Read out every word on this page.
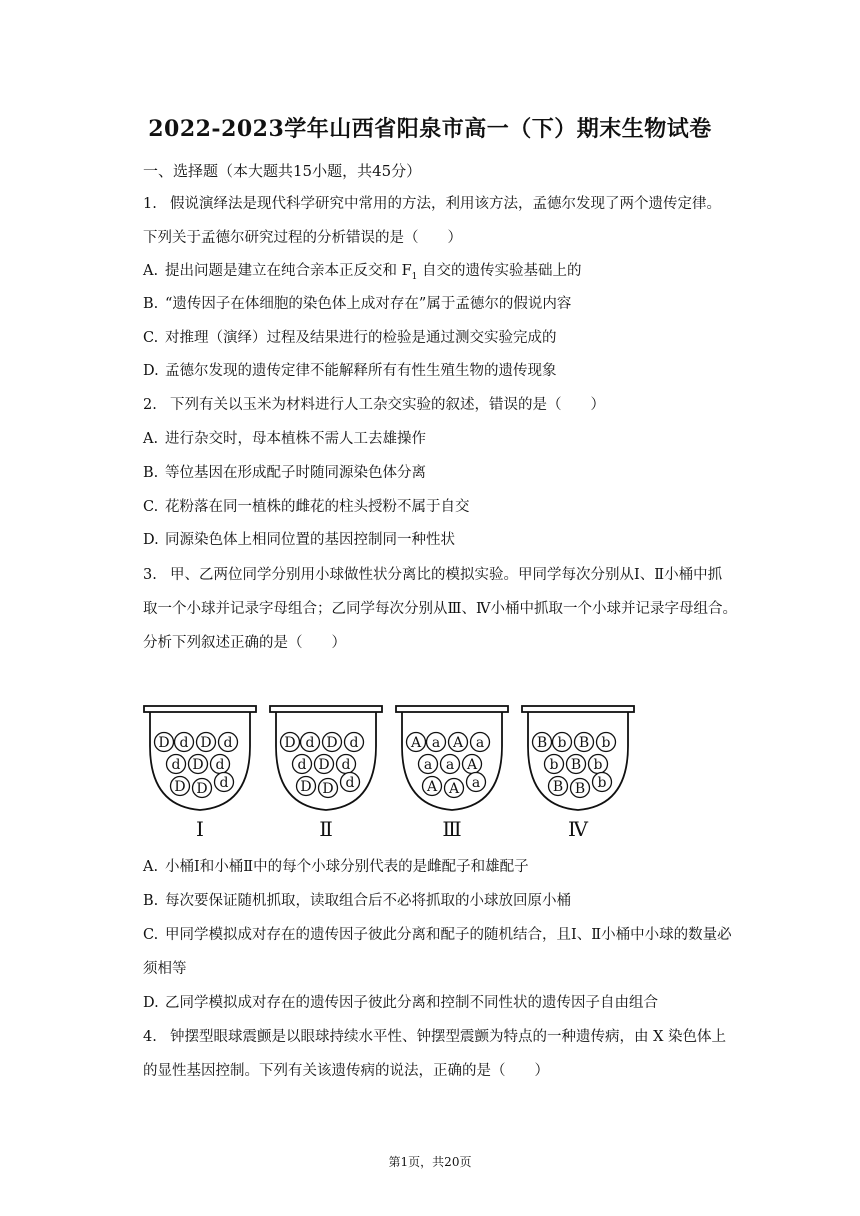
2022-2023学年山西省阳泉市高一（下）期末生物试卷
一、选择题（本大题共15小题，共45分）
1. 假说演绎法是现代科学研究中常用的方法，利用该方法，孟德尔发现了两个遗传定律。
下列关于孟德尔研究过程的分析错误的是（　　）
A. 提出问题是建立在纯合亲本正反交和 $F_1$ 自交的遗传实验基础上的
B. “遗传因子在体细胞的染色体上成对存在”属于孟德尔的假说内容
C. 对推理（演绎）过程及结果进行的检验是通过测交实验完成的
D. 孟德尔发现的遗传定律不能解释所有有性生殖生物的遗传现象
2. 下列有关以玉米为材料进行人工杂交实验的叙述，错误的是（　　）
A. 进行杂交时，母本植株不需人工去雄操作
B. 等位基因在形成配子时随同源染色体分离
C. 花粉落在同一植株的雌花的柱头授粉不属于自交
D. 同源染色体上相同位置的基因控制同一种性状
3. 甲、乙两位同学分别用小球做性状分离比的模拟实验。甲同学每次分别从Ⅰ、Ⅱ小桶中抓
取一个小球并记录字母组合；乙同学每次分别从Ⅲ、Ⅳ小桶中抓取一个小球并记录字母组合。
分析下列叙述正确的是（　　）
D d D d
d D d
D D d
Ⅰ
D d D d
d D d
D D d
Ⅱ
A a A a
a a A
A A a
Ⅲ
B b B b
b B b
B B b
Ⅳ
A. 小桶Ⅰ和小桶Ⅱ中的每个小球分别代表的是雌配子和雄配子
B. 每次要保证随机抓取，读取组合后不必将抓取的小球放回原小桶
C. 甲同学模拟成对存在的遗传因子彼此分离和配子的随机结合，且Ⅰ、Ⅱ小桶中小球的数量必
须相等
D. 乙同学模拟成对存在的遗传因子彼此分离和控制不同性状的遗传因子自由组合
4. 钟摆型眼球震颤是以眼球持续水平性、钟摆型震颤为特点的一种遗传病，由 X 染色体上
的显性基因控制。下列有关该遗传病的说法，正确的是（　　）
第1页，共20页
